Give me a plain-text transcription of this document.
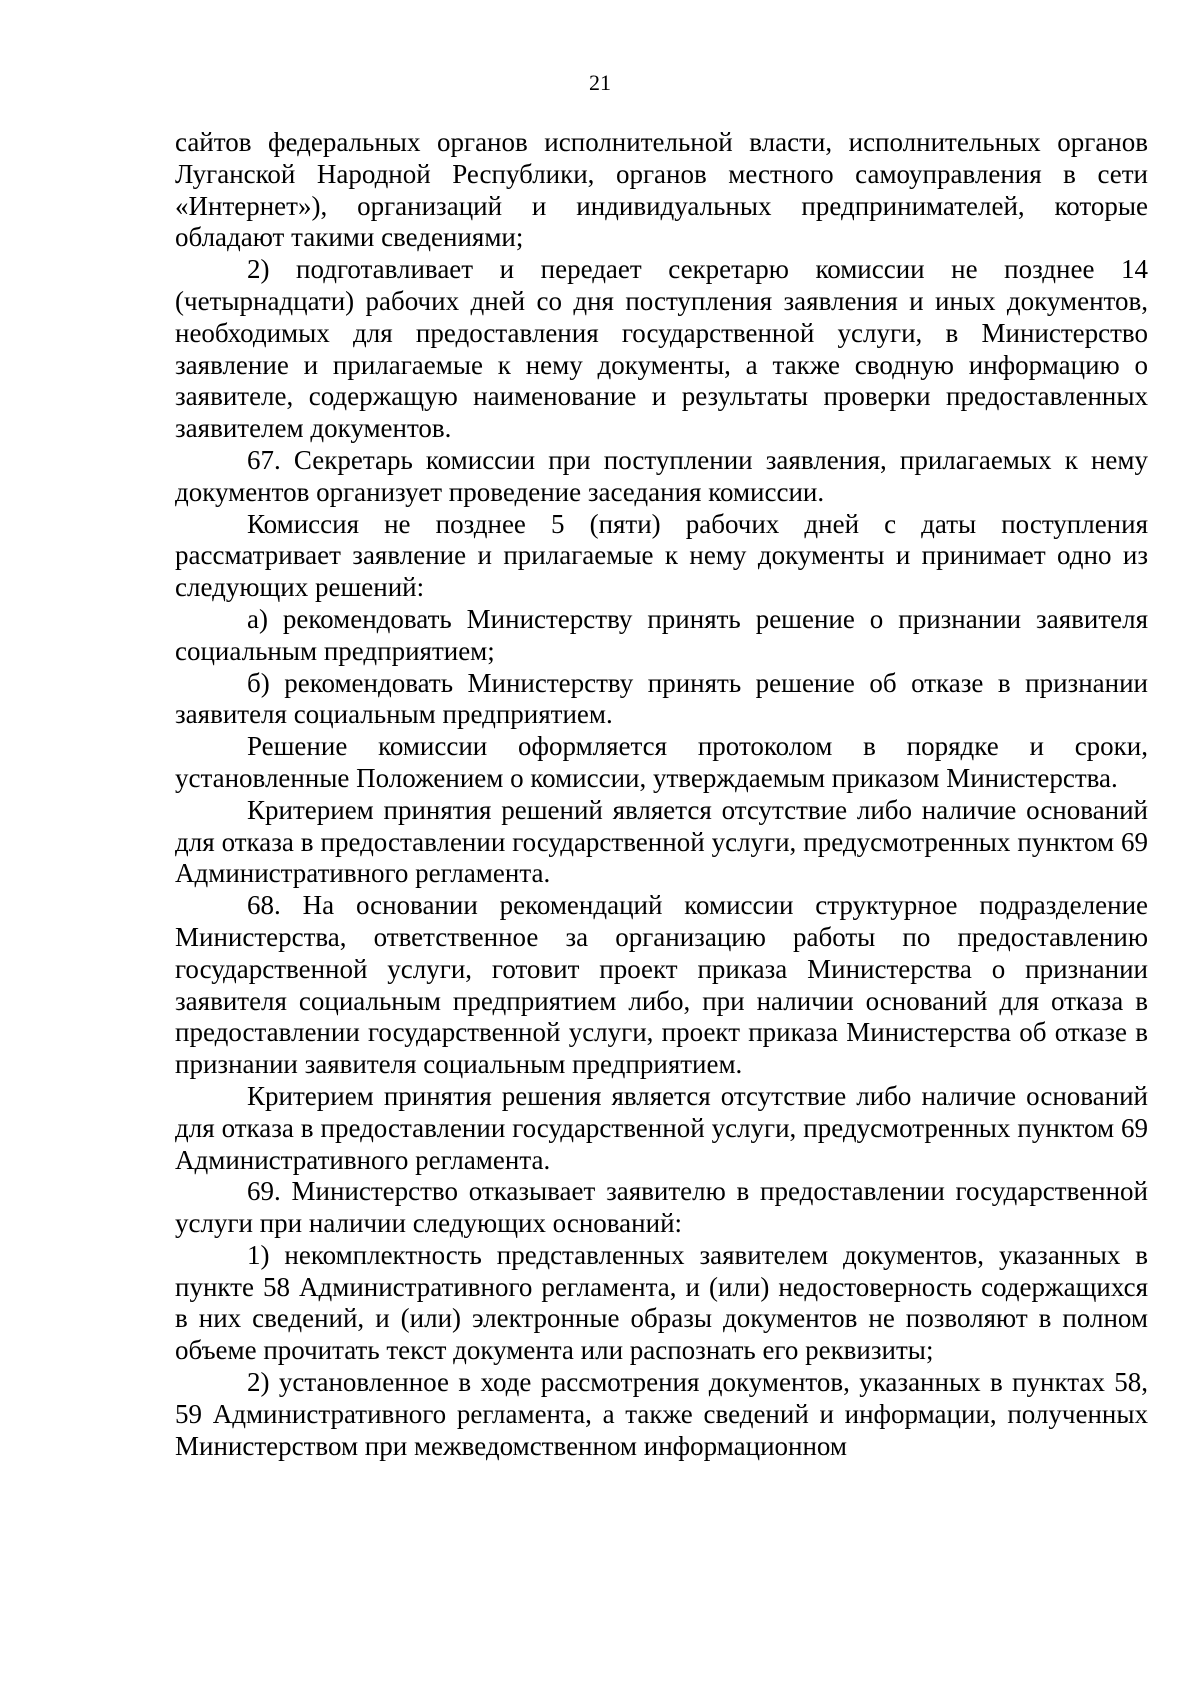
21

сайтов федеральных органов исполнительной власти, исполнительных органов Луганской Народной Республики, органов местного самоуправления в сети «Интернет»), организаций и индивидуальных предпринимателей, которые обладают такими сведениями;

2) подготавливает и передает секретарю комиссии не позднее 14 (четырнадцати) рабочих дней со дня поступления заявления и иных документов, необходимых для предоставления государственной услуги, в Министерство заявление и прилагаемые к нему документы, а также сводную информацию о заявителе, содержащую наименование и результаты проверки предоставленных заявителем документов.

67. Секретарь комиссии при поступлении заявления, прилагаемых к нему документов организует проведение заседания комиссии.

Комиссия не позднее 5 (пяти) рабочих дней с даты поступления рассматривает заявление и прилагаемые к нему документы и принимает одно из следующих решений:

а) рекомендовать Министерству принять решение о признании заявителя социальным предприятием;

б) рекомендовать Министерству принять решение об отказе в признании заявителя социальным предприятием.

Решение комиссии оформляется протоколом в порядке и сроки, установленные Положением о комиссии, утверждаемым приказом Министерства.

Критерием принятия решений является отсутствие либо наличие оснований для отказа в предоставлении государственной услуги, предусмотренных пунктом 69 Административного регламента.

68. На основании рекомендаций комиссии структурное подразделение Министерства, ответственное за организацию работы по предоставлению государственной услуги, готовит проект приказа Министерства о признании заявителя социальным предприятием либо, при наличии оснований для отказа в предоставлении государственной услуги, проект приказа Министерства об отказе в признании заявителя социальным предприятием.

Критерием принятия решения является отсутствие либо наличие оснований для отказа в предоставлении государственной услуги, предусмотренных пунктом 69 Административного регламента.

69. Министерство отказывает заявителю в предоставлении государственной услуги при наличии следующих оснований:

1) некомплектность представленных заявителем документов, указанных в пункте 58 Административного регламента, и (или) недостоверность содержащихся в них сведений, и (или) электронные образы документов не позволяют в полном объеме прочитать текст документа или распознать его реквизиты;

2) установленное в ходе рассмотрения документов, указанных в пунктах 58, 59 Административного регламента, а также сведений и информации, полученных Министерством при межведомственном информационном
